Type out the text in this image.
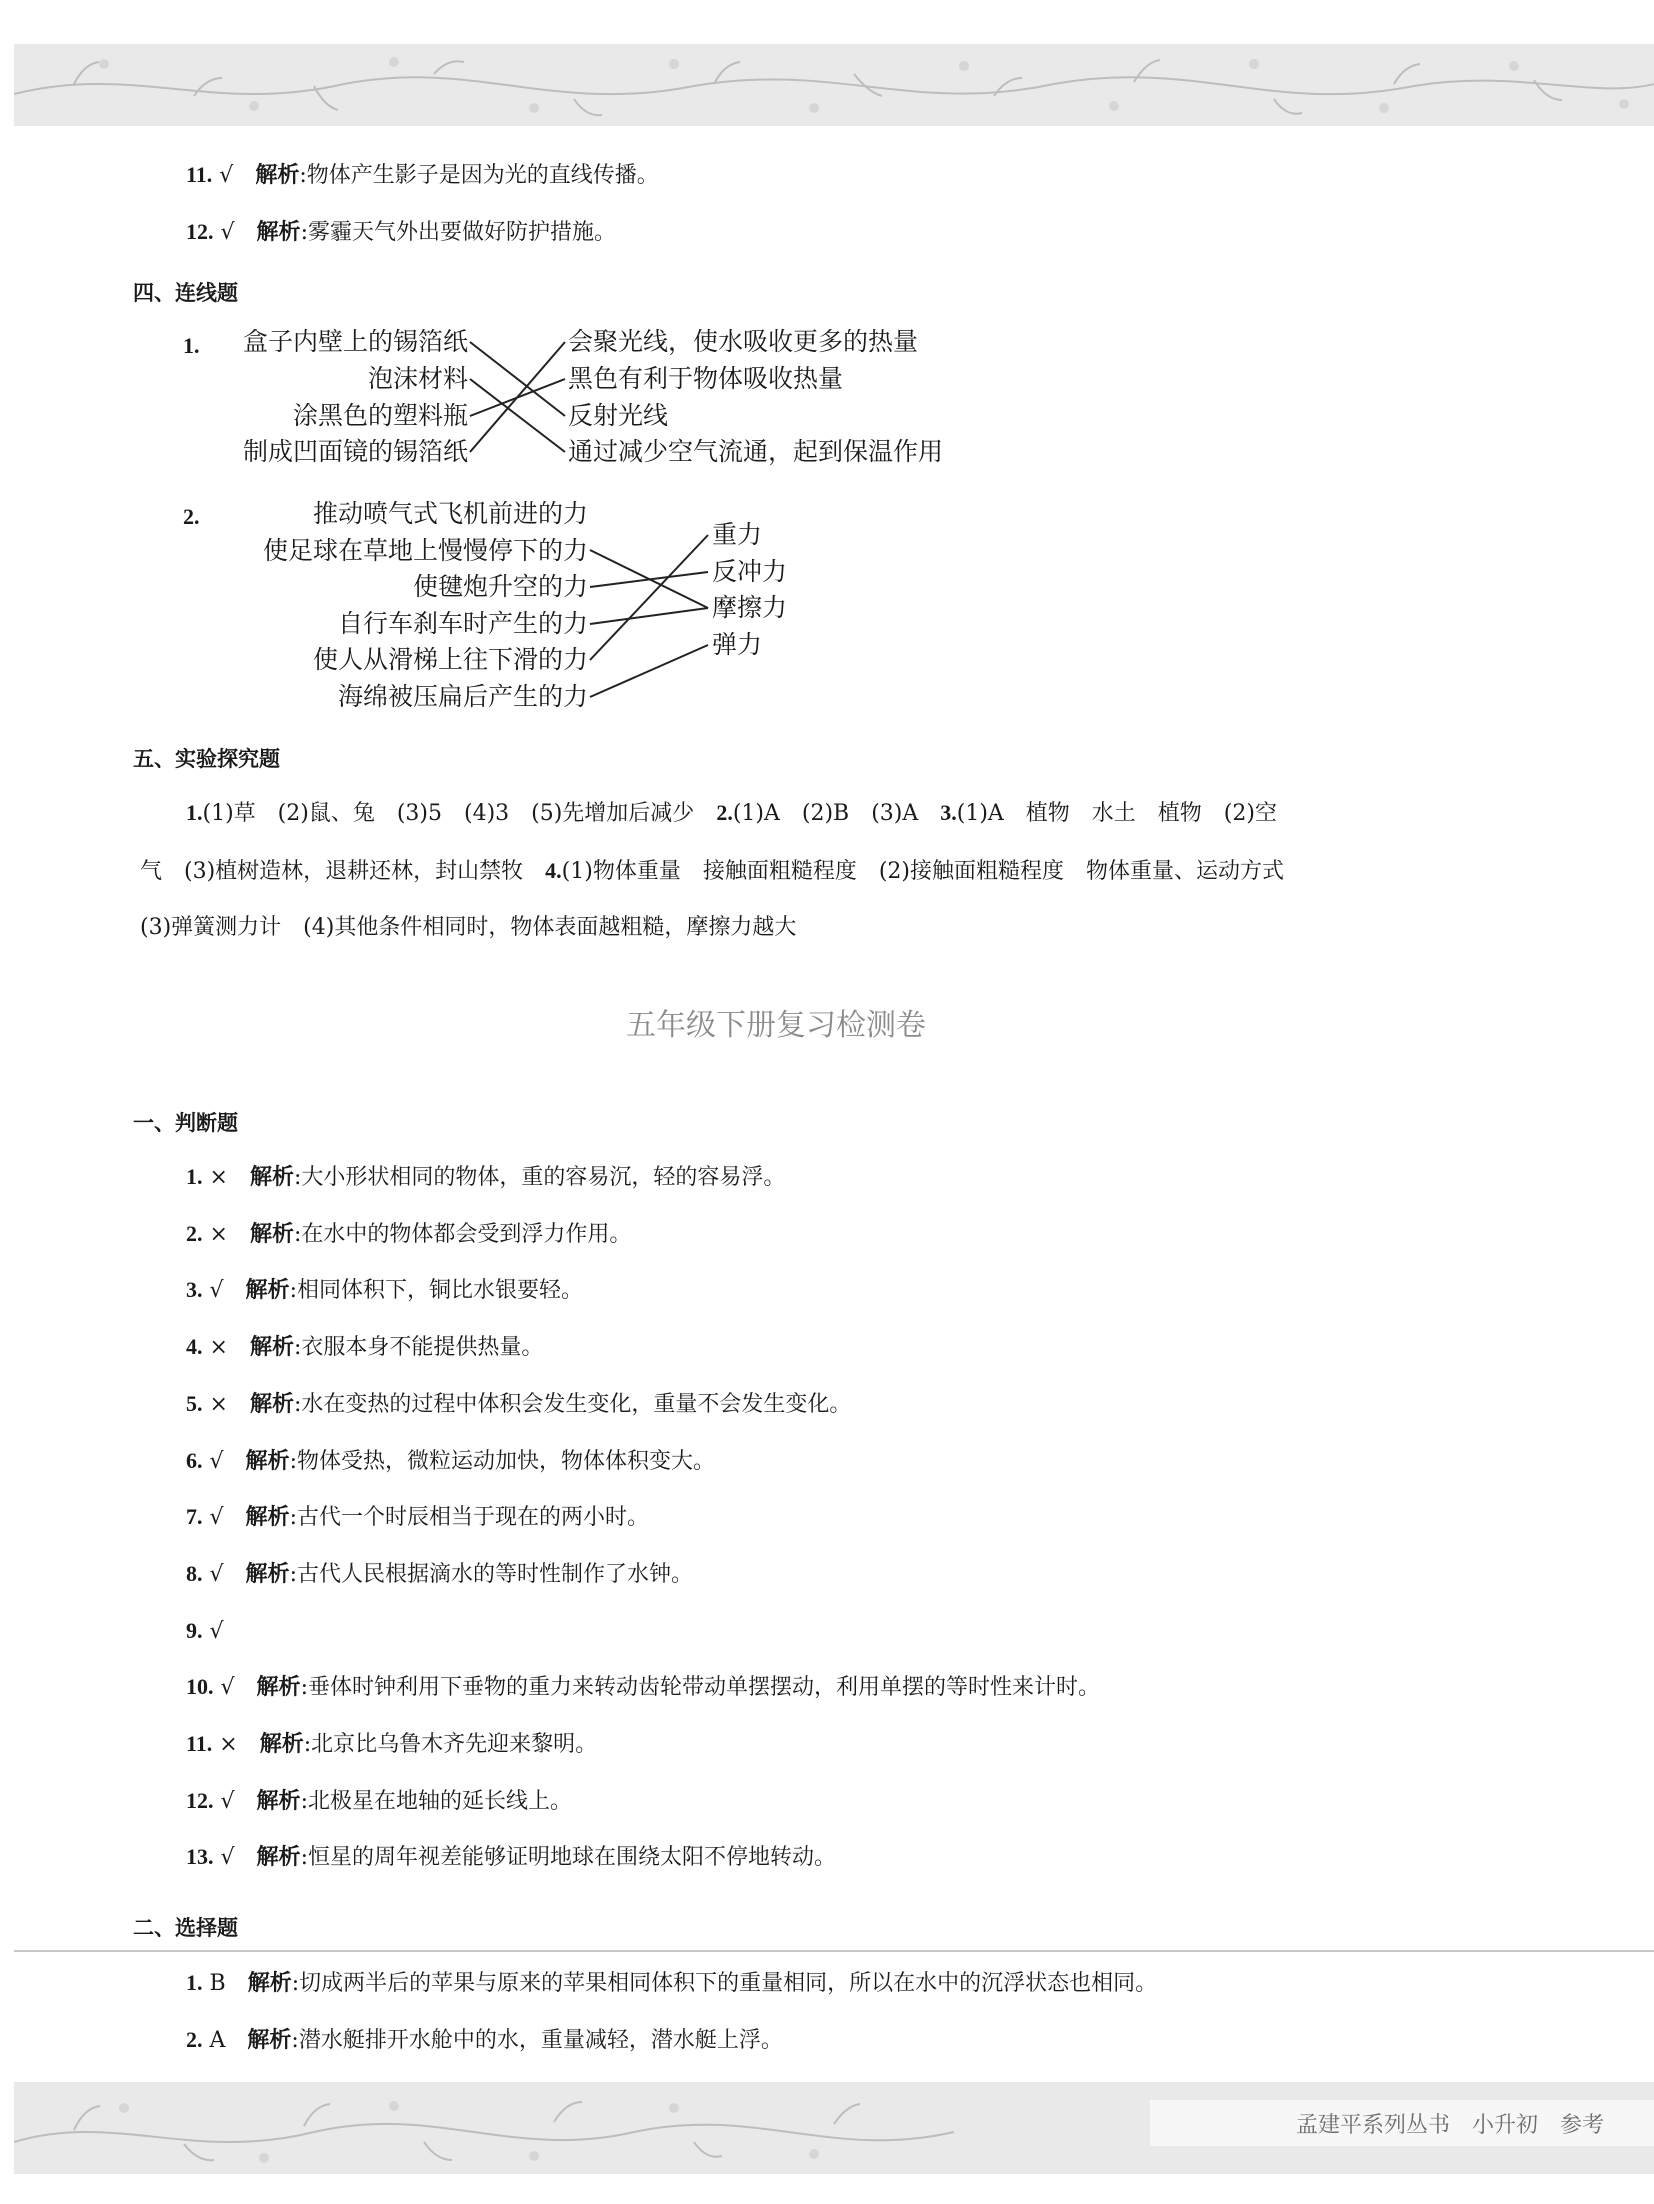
11. √　 解析:物体产生影子是因为光的直线传播。
12. √　 解析:雾霾天气外出要做好防护措施。
四、连线题
1.	盒子内壁上的锡箔纸
泡沫材料
涂黑色的塑料瓶
制成凹面镜的锡箔纸
会聚光线，使水吸收更多的热量
黑色有利于物体吸收热量
反射光线
通过减少空气流通，起到保温作用
2.	推动喷气式飞机前进的力
使足球在草地上慢慢停下的力
使毽炮升空的力
自行车刹车时产生的力
使人从滑梯上往下滑的力
海绵被压扁后产生的力
重力
反冲力
摩擦力
弹力
五、实验探究题
1.(1)草　(2)鼠、兔　(3)5　(4)3　(5)先增加后减少　2.(1)A　(2)B　(3)A　3.(1)A　植物　水土　植物　(2)空
气　(3)植树造林，退耕还林，封山禁牧　4.(1)物体重量　接触面粗糙程度　(2)接触面粗糙程度　物体重量、运动方式
(3)弹簧测力计　(4)其他条件相同时，物体表面越粗糙，摩擦力越大
五年级下册复习检测卷
一、判断题
1. ×　 解析:大小形状相同的物体，重的容易沉，轻的容易浮。
2. ×　 解析:在水中的物体都会受到浮力作用。
3. √　 解析:相同体积下，铜比水银要轻。
4. ×　 解析:衣服本身不能提供热量。
5. ×　 解析:水在变热的过程中体积会发生变化，重量不会发生变化。
6. √　 解析:物体受热，微粒运动加快，物体体积变大。
7. √　 解析:古代一个时辰相当于现在的两小时。
8. √　 解析:古代人民根据滴水的等时性制作了水钟。
9. √　
10. √　 解析:垂体时钟利用下垂物的重力来转动齿轮带动单摆摆动，利用单摆的等时性来计时。
11. ×　 解析:北京比乌鲁木齐先迎来黎明。
12. √　 解析:北极星在地轴的延长线上。
13. √　 解析:恒星的周年视差能够证明地球在围绕太阳不停地转动。
二、选择题
1. B　 解析:切成两半后的苹果与原来的苹果相同体积下的重量相同，所以在水中的沉浮状态也相同。
2. A　 解析:潜水艇排开水舱中的水，重量减轻，潜水艇上浮。
孟建平系列丛书　小升初　参考
